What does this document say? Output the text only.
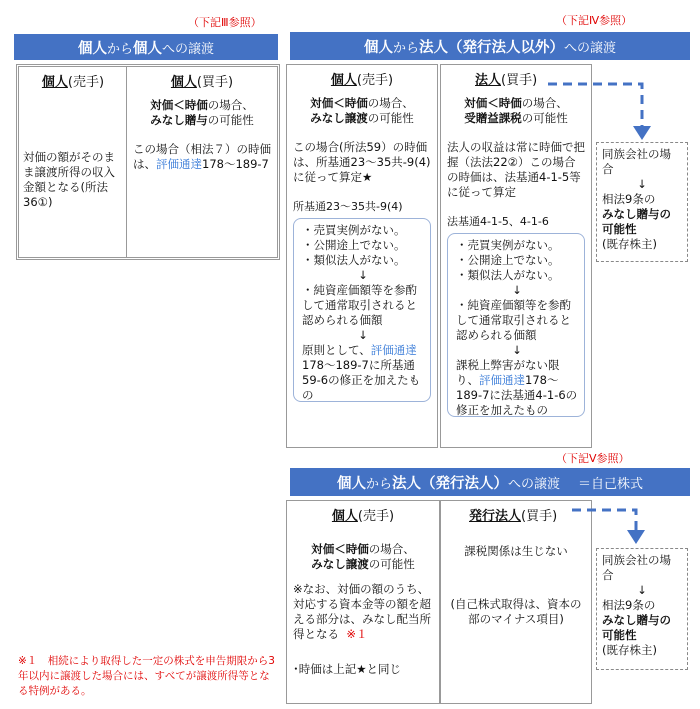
（下記Ⅲ参照）
個人 から 個人 への譲渡
個人(売手)
対価の額がそのまま譲渡所得の収入金額となる(所法36①)
個人(買手)
対価＜時価の場合、
みなし贈与の可能性
この場合（相法７）の時価は、評価通達178〜189-7
（下記Ⅳ参照）
個人 から 法人（発行法人以外） への譲渡
個人(売手)
対価＜時価の場合、
みなし譲渡の可能性
この場合(所法59）の時価は、所基通23〜35共-9(4)に従って算定★
所基通23〜35共-9(4)
・売買実例がない。
・公開途上でない。
・類似法人がない。
↓
・純資産価額等を参酌して通常取引されると認められる価額
↓
原則として、評価通達178〜189-7に所基通59-6の修正を加えたもの
法人(買手)
対価＜時価の場合、
受贈益課税の可能性
法人の収益は常に時価で把握（法法22②）この場合の時価は、法基通4-1-5等に従って算定
法基通4-1-5、4-1-6
・売買実例がない。
・公開途上でない。
・類似法人がない。
↓
・純資産価額等を参酌して通常取引されると認められる価額
↓
課税上弊害がない限り、評価通達178〜189-7に法基通4-1-6の修正を加えたもの
同族会社の場合
↓
相法9条の
みなし贈与の可能性
(既存株主)
（下記Ⅴ参照）
個人 から 法人（発行法人） への譲渡 ＝自己株式
個人(売手)
対価＜時価の場合、
みなし譲渡の可能性
※なお、対価の額のうち、対応する資本金等の額を超える部分は、みなし配当所得となる ※１
･時価は上記★と同じ
発行法人(買手)
課税関係は生じない
(自己株式取得は、資本の部のマイナス項目)
同族会社の場合
↓
相法9条の
みなし贈与の可能性
(既存株主)
※１　相続により取得した一定の株式を申告期限から3年以内に譲渡した場合には、すべてが譲渡所得等となる特例がある。
